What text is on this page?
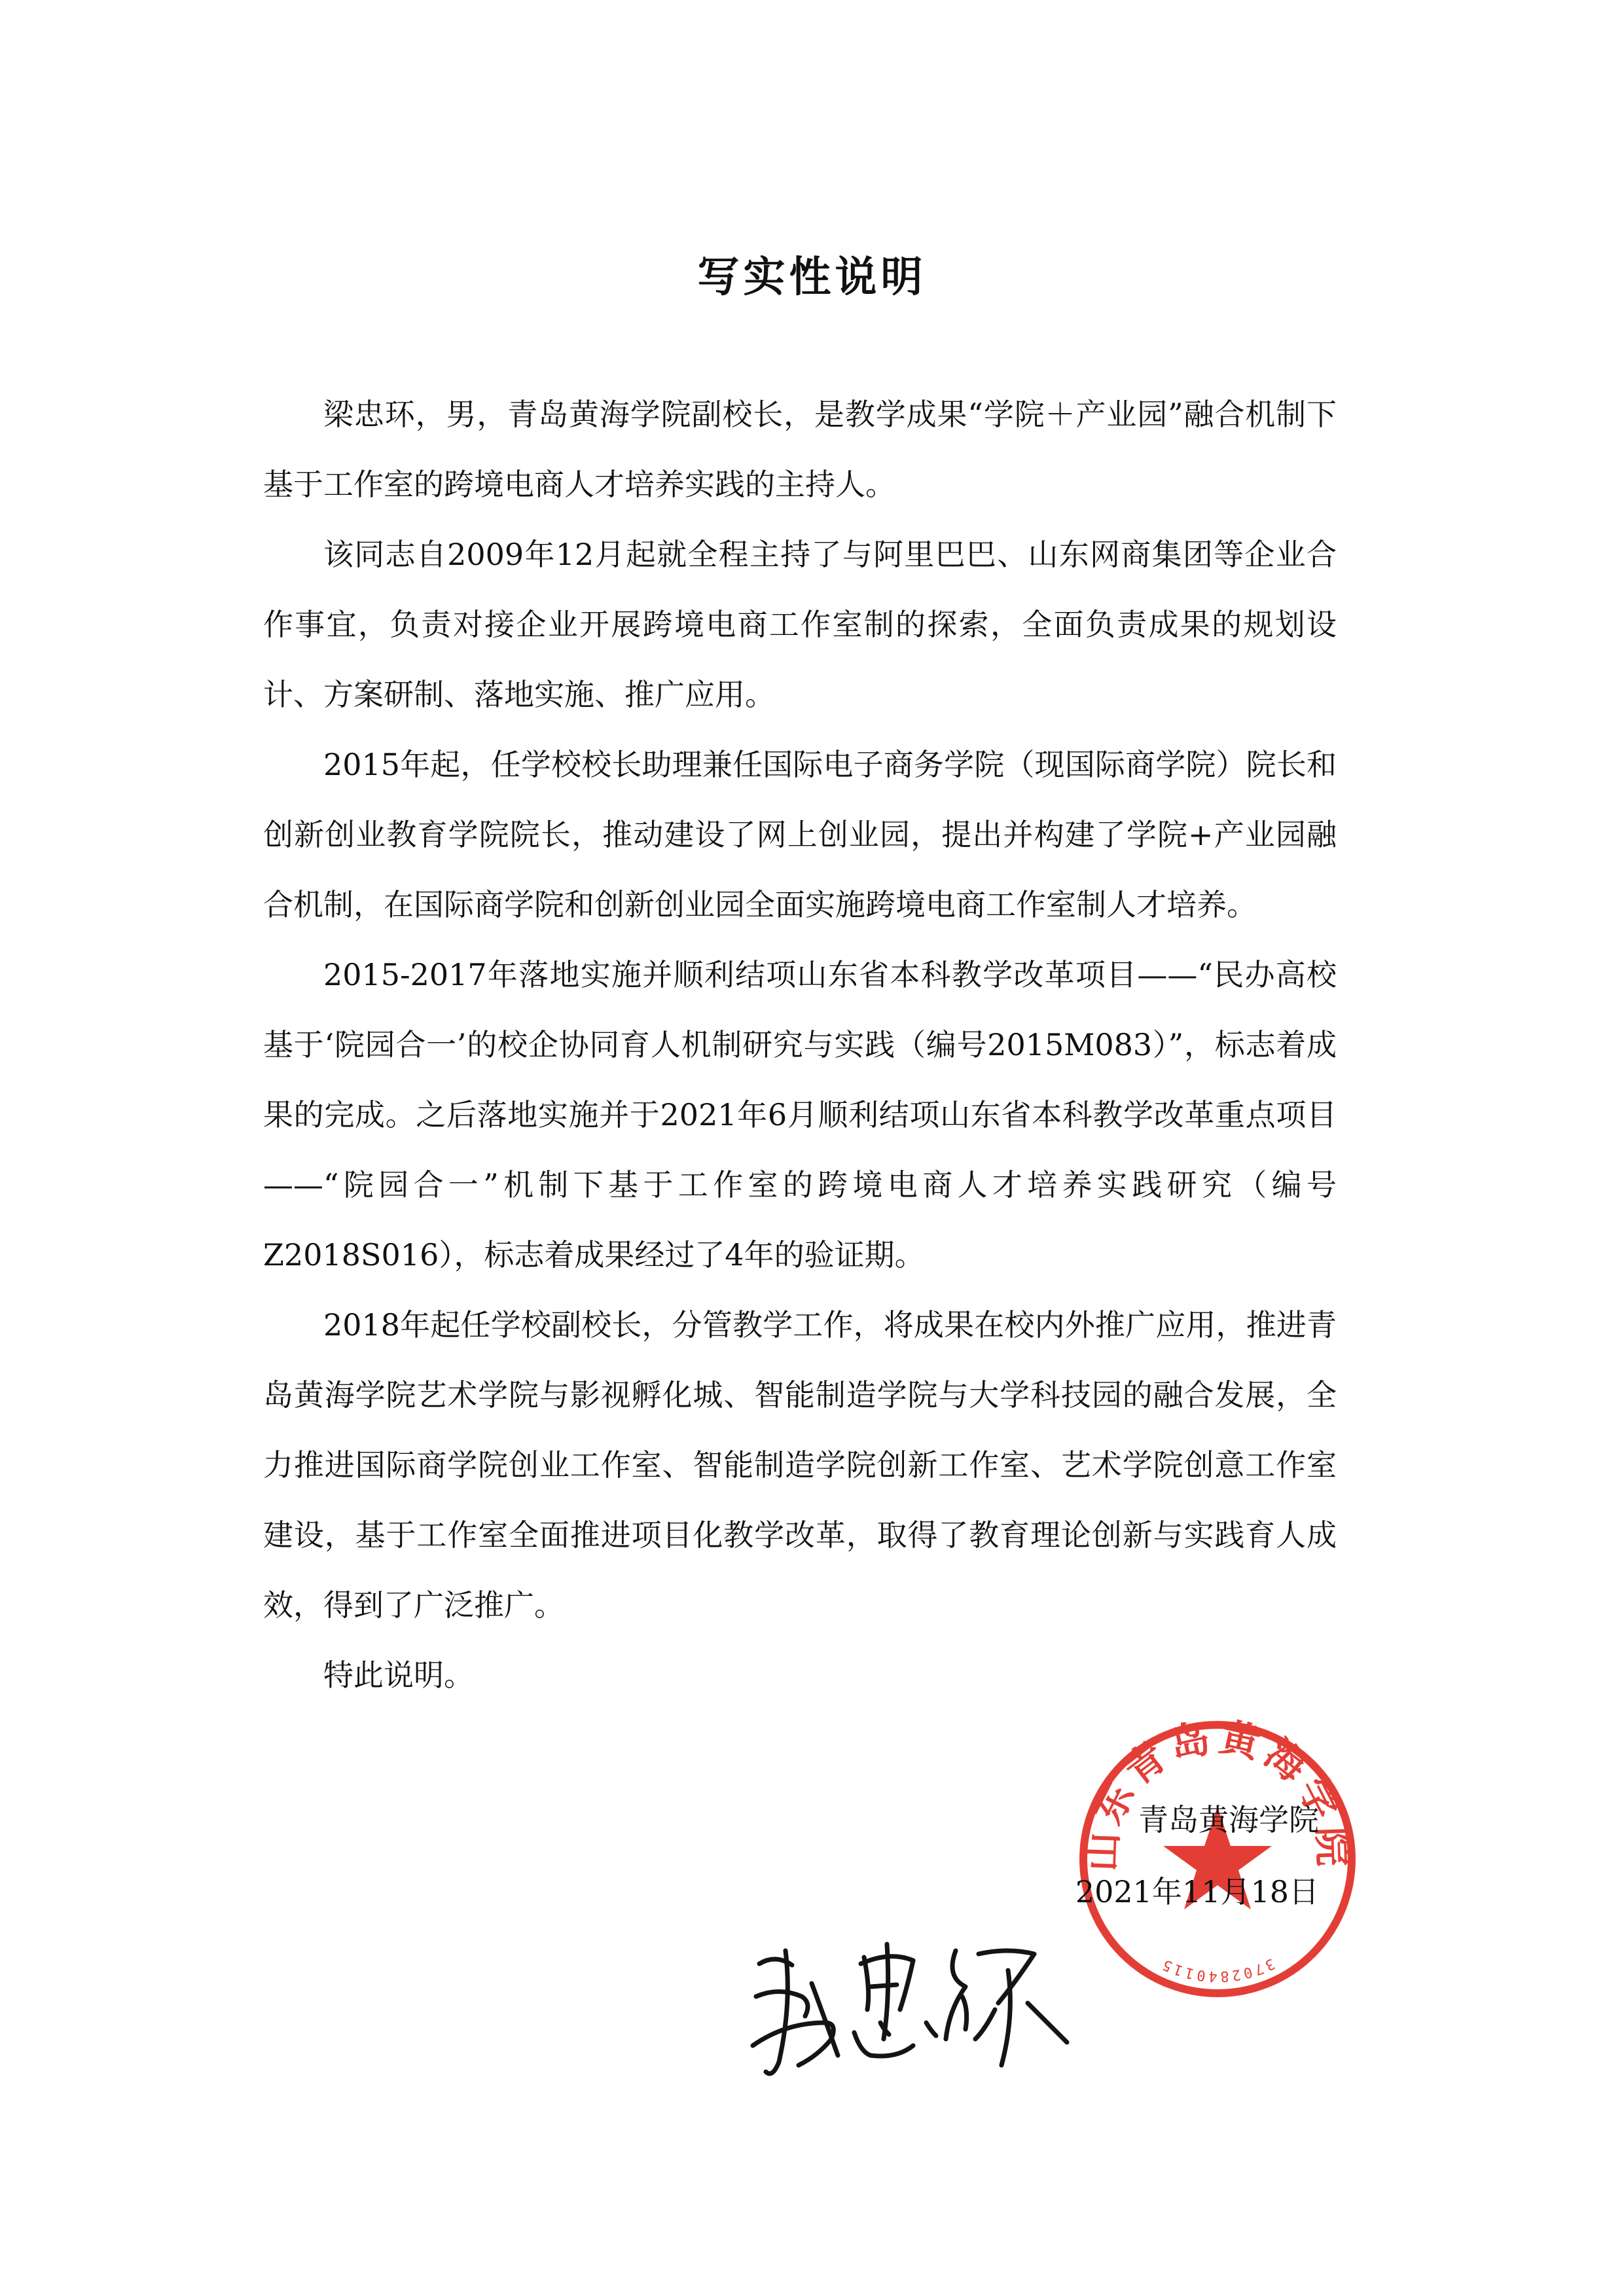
写实性说明

梁忠环，男，青岛黄海学院副校长，是教学成果“学院＋产业园”融合机制下基于工作室的跨境电商人才培养实践的主持人。

该同志自2009年12月起就全程主持了与阿里巴巴、山东网商集团等企业合作事宜，负责对接企业开展跨境电商工作室制的探索，全面负责成果的规划设计、方案研制、落地实施、推广应用。

2015年起，任学校校长助理兼任国际电子商务学院（现国际商学院）院长和创新创业教育学院院长，推动建设了网上创业园，提出并构建了学院+产业园融合机制，在国际商学院和创新创业园全面实施跨境电商工作室制人才培养。

2015-2017年落地实施并顺利结项山东省本科教学改革项目——“民办高校基于‘院园合一’的校企协同育人机制研究与实践（编号2015M083）”，标志着成果的完成。之后落地实施并于2021年6月顺利结项山东省本科教学改革重点项目——“院园合一”机制下基于工作室的跨境电商人才培养实践研究（编号Z2018S016），标志着成果经过了4年的验证期。

2018年起任学校副校长，分管教学工作，将成果在校内外推广应用，推进青岛黄海学院艺术学院与影视孵化城、智能制造学院与大学科技园的融合发展，全力推进国际商学院创业工作室、智能制造学院创新工作室、艺术学院创意工作室建设，基于工作室全面推进项目化教学改革，取得了教育理论创新与实践育人成效，得到了广泛推广。

特此说明。

山东青岛黄海学院
3702840115
青岛黄海学院
2021年11月18日
